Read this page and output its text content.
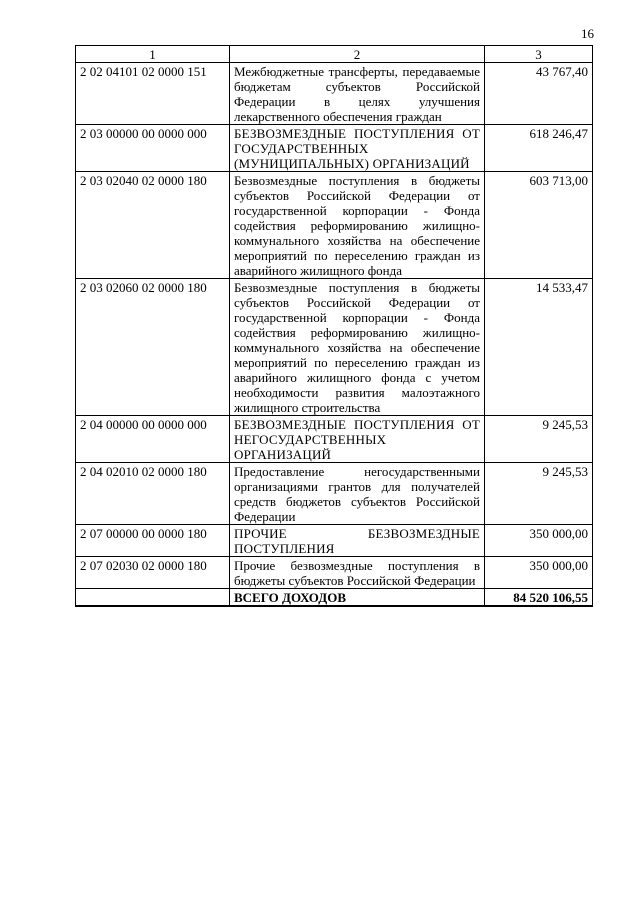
16
1	2	3
2 02 04101 02 0000 151	Межбюджетные трансферты, передаваемые бюджетам субъектов Российской Федерации в целях улучшения лекарственного обеспечения граждан	43 767,40
2 03 00000 00 0000 000	БЕЗВОЗМЕЗДНЫЕ ПОСТУПЛЕНИЯ ОТ ГОСУДАРСТВЕННЫХ (МУНИЦИПАЛЬНЫХ) ОРГАНИЗАЦИЙ	618 246,47
2 03 02040 02 0000 180	Безвозмездные поступления в бюджеты субъектов Российской Федерации от государственной корпорации - Фонда содействия реформированию жилищно-коммунального хозяйства на обеспечение мероприятий по переселению граждан из аварийного жилищного фонда	603 713,00
2 03 02060 02 0000 180	Безвозмездные поступления в бюджеты субъектов Российской Федерации от государственной корпорации - Фонда содействия реформированию жилищно-коммунального хозяйства на обеспечение мероприятий по переселению граждан из аварийного жилищного фонда с учетом необходимости развития малоэтажного жилищного строительства	14 533,47
2 04 00000 00 0000 000	БЕЗВОЗМЕЗДНЫЕ ПОСТУПЛЕНИЯ ОТ НЕГОСУДАРСТВЕННЫХ ОРГАНИЗАЦИЙ	9 245,53
2 04 02010 02 0000 180	Предоставление негосударственными организациями грантов для получателей средств бюджетов субъектов Российской Федерации	9 245,53
2 07 00000 00 0000 180	ПРОЧИЕ БЕЗВОЗМЕЗДНЫЕ ПОСТУПЛЕНИЯ	350 000,00
2 07 02030 02 0000 180	Прочие безвозмездные поступления в бюджеты субъектов Российской Федерации	350 000,00
	ВСЕГО ДОХОДОВ	84 520 106,55
